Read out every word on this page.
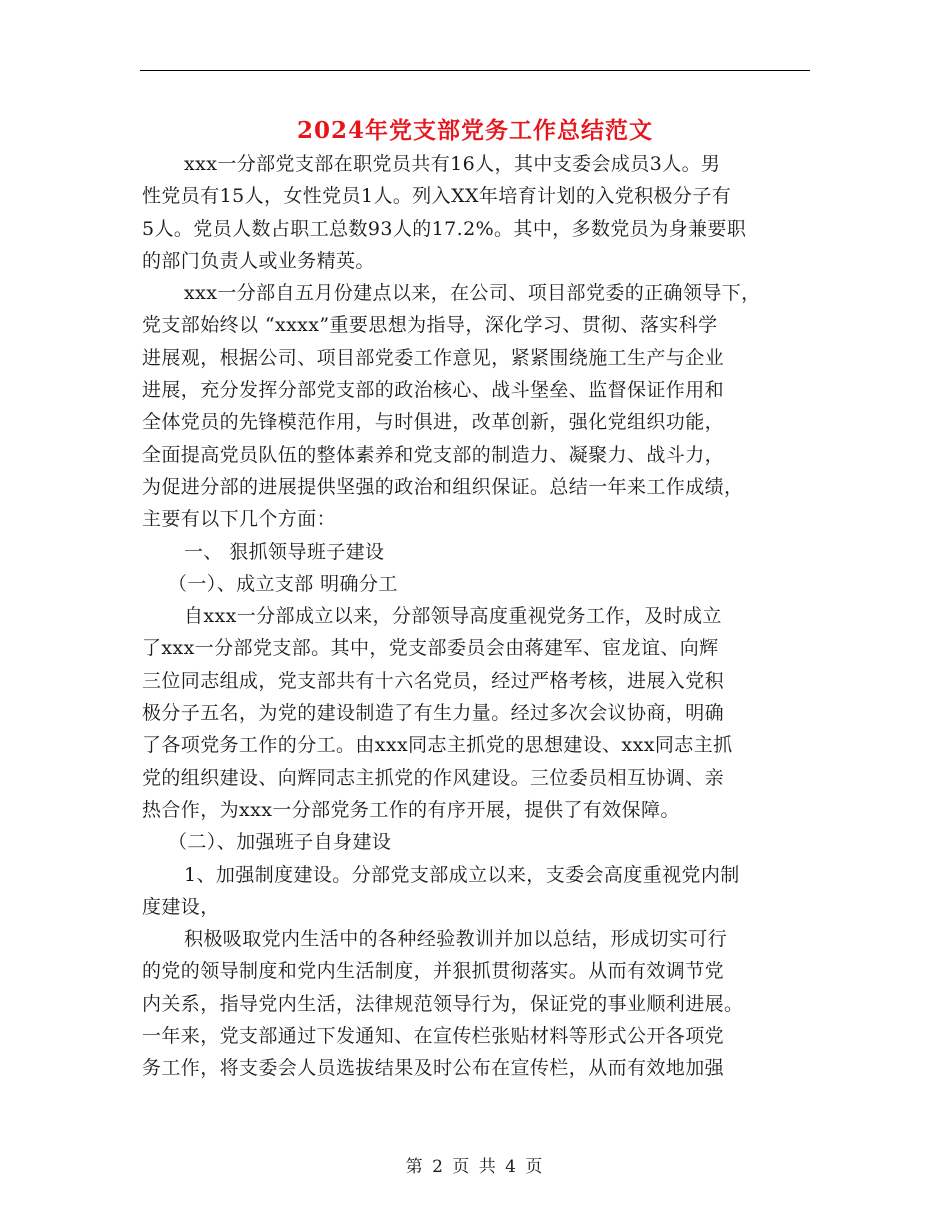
2024年党支部党务工作总结范文
xxx一分部党支部在职党员共有16人，其中支委会成员3人。男
性党员有15人，女性党员1人。列入XX年培育计划的入党积极分子有
5人。党员人数占职工总数93人的17.2%。其中，多数党员为身兼要职
的部门负责人或业务精英。
xxx一分部自五月份建点以来，在公司、项目部党委的正确领导下，
党支部始终以 “xxxx”重要思想为指导，深化学习、贯彻、落实科学
进展观，根据公司、项目部党委工作意见，紧紧围绕施工生产与企业
进展，充分发挥分部党支部的政治核心、战斗堡垒、监督保证作用和
全体党员的先锋模范作用，与时俱进，改革创新，强化党组织功能，
全面提高党员队伍的整体素养和党支部的制造力、凝聚力、战斗力，
为促进分部的进展提供坚强的政治和组织保证。总结一年来工作成绩，
主要有以下几个方面：
一、 狠抓领导班子建设
（一）、成立支部 明确分工
自xxx一分部成立以来，分部领导高度重视党务工作，及时成立
了xxx一分部党支部。其中，党支部委员会由蒋建军、宦龙谊、向辉
三位同志组成，党支部共有十六名党员，经过严格考核，进展入党积
极分子五名，为党的建设制造了有生力量。经过多次会议协商，明确
了各项党务工作的分工。由xxx同志主抓党的思想建设、xxx同志主抓
党的组织建设、向辉同志主抓党的作风建设。三位委员相互协调、亲
热合作，为xxx一分部党务工作的有序开展，提供了有效保障。
（二）、加强班子自身建设
1、加强制度建设。分部党支部成立以来，支委会高度重视党内制
度建设，
积极吸取党内生活中的各种经验教训并加以总结，形成切实可行
的党的领导制度和党内生活制度，并狠抓贯彻落实。从而有效调节党
内关系，指导党内生活，法律规范领导行为，保证党的事业顺利进展。
一年来，党支部通过下发通知、在宣传栏张贴材料等形式公开各项党
务工作，将支委会人员选拔结果及时公布在宣传栏，从而有效地加强
第 2 页 共 4 页
